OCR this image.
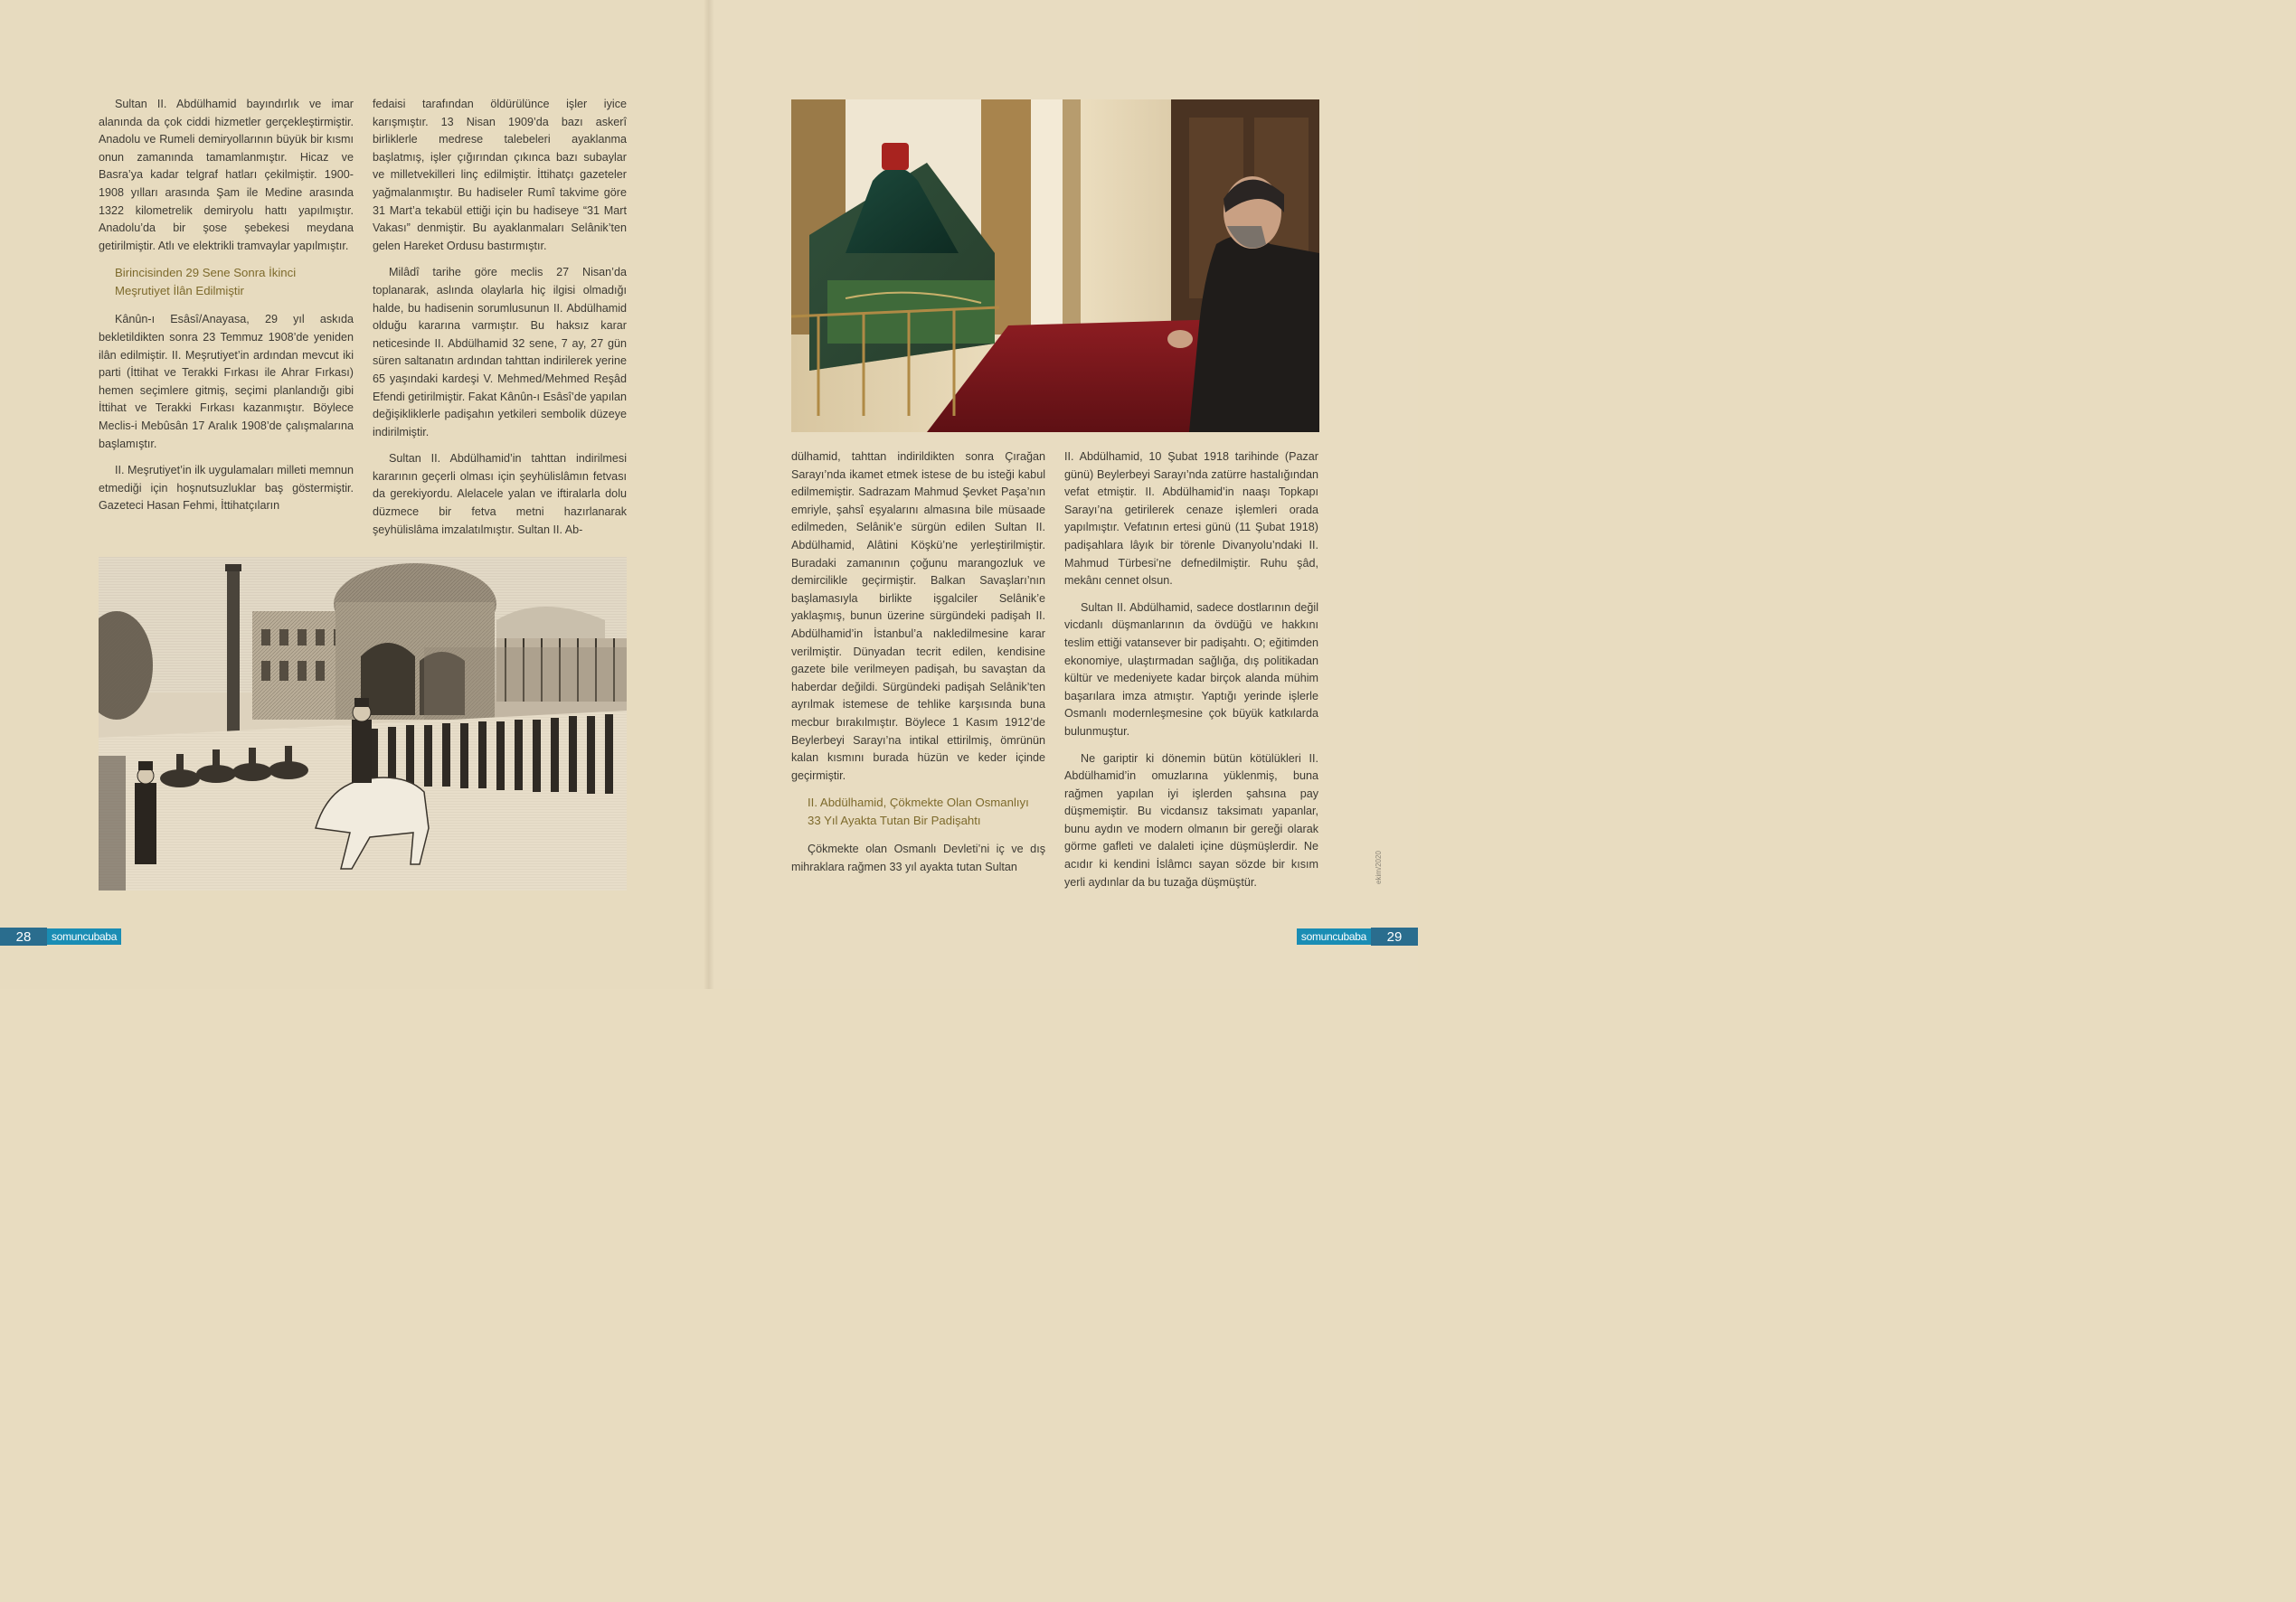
Sultan II. Abdülhamid bayındırlık ve imar alanında da çok ciddi hizmetler gerçekleştirmiştir. Anadolu ve Rumeli demiryollarının büyük bir kısmı onun zamanında tamamlanmıştır. Hicaz ve Basra’ya kadar telgraf hatları çekilmiştir. 1900-1908 yılları arasında Şam ile Medine arasında 1322 kilometrelik demiryolu hattı yapılmıştır. Anadolu’da bir şose şebekesi meydana getirilmiştir. Atlı ve elektrikli tramvaylar yapılmıştır.

Birincisinden 29 Sene Sonra İkinci Meşrutiyet İlân Edilmiştir

Kânûn-ı Esâsî/Anayasa, 29 yıl askıda bekletildikten sonra 23 Temmuz 1908’de yeniden ilân edilmiştir. II. Meşrutiyet’in ardından mevcut iki parti (İttihat ve Terakki Fırkası ile Ahrar Fırkası) hemen seçimlere gitmiş, seçimi planlandığı gibi İttihat ve Terakki Fırkası kazanmıştır. Böylece Meclis-i Mebûsân 17 Aralık 1908’de çalışmalarına başlamıştır.

II. Meşrutiyet’in ilk uygulamaları milleti memnun etmediği için hoşnutsuzluklar baş göstermiştir. Gazeteci Hasan Fehmi, İttihatçıların

fedaisi tarafından öldürülünce işler iyice karışmıştır. 13 Nisan 1909’da bazı askerî birliklerle medrese talebeleri ayaklanma başlatmış, işler çığırından çıkınca bazı subaylar ve milletvekilleri linç edilmiştir. İttihatçı gazeteler yağmalanmıştır. Bu hadiseler Rumî takvime göre 31 Mart’a tekabül ettiği için bu hadiseye “31 Mart Vakası” denmiştir. Bu ayaklanmaları Selânik’ten gelen Hareket Ordusu bastırmıştır.

Milâdî tarihe göre meclis 27 Nisan’da toplanarak, aslında olaylarla hiç ilgisi olmadığı halde, bu hadisenin sorumlusunun II. Abdülhamid olduğu kararına varmıştır. Bu haksız karar neticesinde II. Abdülhamid 32 sene, 7 ay, 27 gün süren saltanatın ardından tahttan indirilerek yerine 65 yaşındaki kardeşi V. Mehmed/Mehmed Reşâd Efendi getirilmiştir. Fakat Kânûn-ı Esâsî’de yapılan değişikliklerle padişahın yetkileri sembolik düzeye indirilmiştir.

Sultan II. Abdülhamid’in tahttan indirilmesi kararının geçerli olması için şeyhülislâmın fetvası da gerekiyordu. Alelacele yalan ve iftiralarla dolu düzmece bir fetva metni hazırlanarak şeyhülislâma imzalatılmıştır. Sultan II. Ab-

dülhamid, tahttan indirildikten sonra Çırağan Sarayı’nda ikamet etmek istese de bu isteği kabul edilmemiştir. Sadrazam Mahmud Şevket Paşa’nın emriyle, şahsî eşyalarını almasına bile müsaade edilmeden, Selânik’e sürgün edilen Sultan II. Abdülhamid, Alâtini Köşkü’ne yerleştirilmiştir. Buradaki zamanının çoğunu marangozluk ve demircilikle geçirmiştir. Balkan Savaşları’nın başlamasıyla birlikte işgalciler Selânik’e yaklaşmış, bunun üzerine sürgündeki padişah II. Abdülhamid’in İstanbul’a nakledilmesine karar verilmiştir. Dünyadan tecrit edilen, kendisine gazete bile verilmeyen padişah, bu savaştan da haberdar değildi. Sürgündeki padişah Selânik’ten ayrılmak istemese de tehlike karşısında buna mecbur bırakılmıştır. Böylece 1 Kasım 1912’de Beylerbeyi Sarayı’na intikal ettirilmiş, ömrünün kalan kısmını burada hüzün ve keder içinde geçirmiştir.

II. Abdülhamid, Çökmekte Olan Osmanlıyı 33 Yıl Ayakta Tutan Bir Padişahtı

Çökmekte olan Osmanlı Devleti’ni iç ve dış mihraklara rağmen 33 yıl ayakta tutan Sultan

II. Abdülhamid, 10 Şubat 1918 tarihinde (Pazar günü) Beylerbeyi Sarayı’nda zatürre hastalığından vefat etmiştir. II. Abdülhamid’in naaşı Topkapı Sarayı’na getirilerek cenaze işlemleri orada yapılmıştır. Vefatının ertesi günü (11 Şubat 1918) padişahlara lâyık bir törenle Divanyolu’ndaki II. Mahmud Türbesi’ne defnedilmiştir. Ruhu şâd, mekânı cennet olsun.

Sultan II. Abdülhamid, sadece dostlarının değil vicdanlı düşmanlarının da övdüğü ve hakkını teslim ettiği vatansever bir padişahtı. O; eğitimden ekonomiye, ulaştırmadan sağlığa, dış politikadan kültür ve medeniyete kadar birçok alanda mühim başarılara imza atmıştır. Yaptığı yerinde işlerle Osmanlı modernleşmesine çok büyük katkılarda bulunmuştur.

Ne gariptir ki dönemin bütün kötülükleri II. Abdülhamid’in omuzlarına yüklenmiş, buna rağmen yapılan iyi işlerden şahsına pay düşmemiştir. Bu vicdansız taksimatı yapanlar, bunu aydın ve modern olmanın bir gereği olarak görme gafleti ve dalaleti içine düşmüşlerdir. Ne acıdır ki kendini İslâmcı sayan sözde bir kısım yerli aydınlar da bu tuzağa düşmüştür.	ekim/2020
28	somuncubaba	somuncubaba	29
